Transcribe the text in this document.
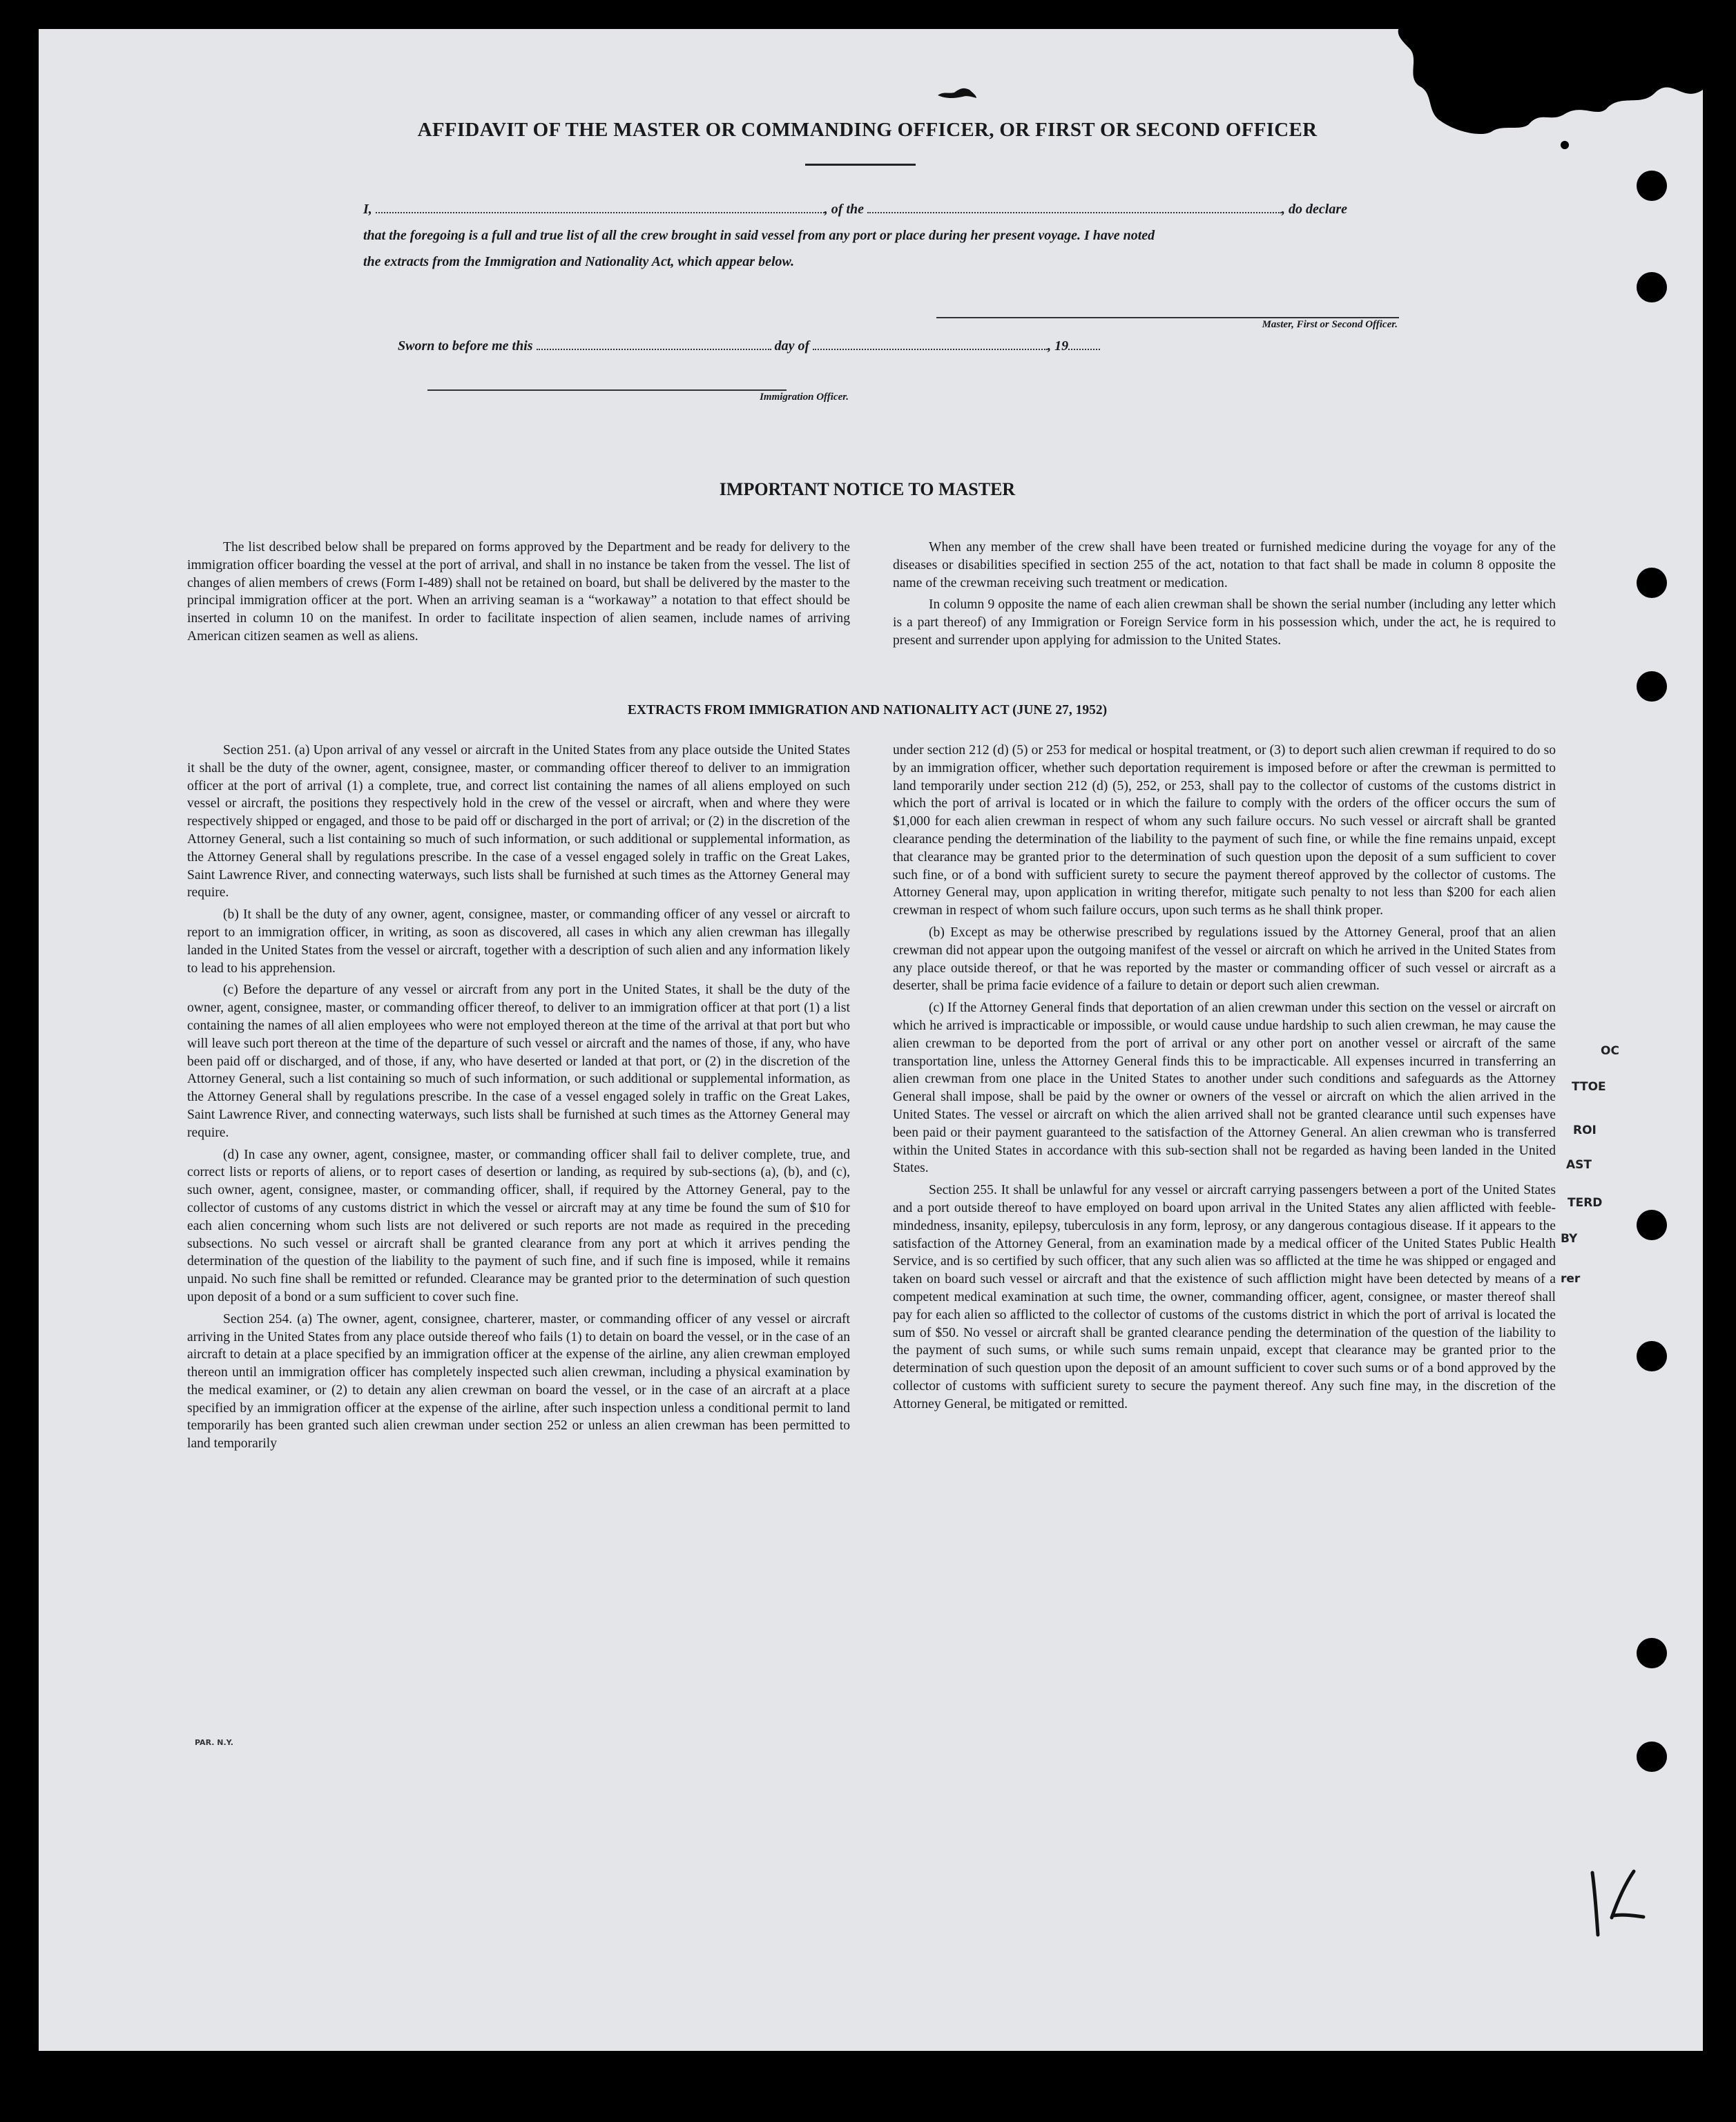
AFFIDAVIT OF THE MASTER OR COMMANDING OFFICER, OR FIRST OR SECOND OFFICER
I,	, of the	, do declare
that the foregoing is a full and true list of all the crew brought in said vessel from any port or place during her present voyage. I have noted
the extracts from the Immigration and Nationality Act, which appear below.
Master, First or Second Officer.
Sworn to before me this	day of	, 19
Immigration Officer.
IMPORTANT NOTICE TO MASTER

The list described below shall be prepared on forms approved by the Department and be ready for delivery to the immigration officer boarding the vessel at the port of arrival, and shall in no instance be taken from the vessel. The list of changes of alien members of crews (Form I-489) shall not be retained on board, but shall be delivered by the master to the principal immigration officer at the port. When an arriving seaman is a “workaway” a notation to that effect should be inserted in column 10 on the manifest. In order to facilitate inspection of alien seamen, include names of arriving American citizen seamen as well as aliens.

When any member of the crew shall have been treated or furnished medicine during the voyage for any of the diseases or disabilities specified in section 255 of the act, notation to that fact shall be made in column 8 opposite the name of the crewman receiving such treatment or medication.

In column 9 opposite the name of each alien crewman shall be shown the serial number (including any letter which is a part thereof) of any Immigration or Foreign Service form in his possession which, under the act, he is required to present and surrender upon applying for admission to the United States.

EXTRACTS FROM IMMIGRATION AND NATIONALITY ACT (JUNE 27, 1952)

Section 251. (a) Upon arrival of any vessel or aircraft in the United States from any place outside the United States it shall be the duty of the owner, agent, consignee, master, or commanding officer thereof to deliver to an immigration officer at the port of arrival (1) a complete, true, and correct list containing the names of all aliens employed on such vessel or aircraft, the positions they respectively hold in the crew of the vessel or aircraft, when and where they were respectively shipped or engaged, and those to be paid off or discharged in the port of arrival; or (2) in the discretion of the Attorney General, such a list containing so much of such information, or such additional or supplemental information, as the Attorney General shall by regulations prescribe. In the case of a vessel engaged solely in traffic on the Great Lakes, Saint Lawrence River, and connecting waterways, such lists shall be furnished at such times as the Attorney General may require.

(b) It shall be the duty of any owner, agent, consignee, master, or commanding officer of any vessel or aircraft to report to an immigration officer, in writing, as soon as discovered, all cases in which any alien crewman has illegally landed in the United States from the vessel or aircraft, together with a description of such alien and any information likely to lead to his apprehension.

(c) Before the departure of any vessel or aircraft from any port in the United States, it shall be the duty of the owner, agent, consignee, master, or commanding officer thereof, to deliver to an immigration officer at that port (1) a list containing the names of all alien employees who were not employed thereon at the time of the arrival at that port but who will leave such port thereon at the time of the departure of such vessel or aircraft and the names of those, if any, who have been paid off or discharged, and of those, if any, who have deserted or landed at that port, or (2) in the discretion of the Attorney General, such a list containing so much of such information, or such additional or supplemental information, as the Attorney General shall by regulations prescribe. In the case of a vessel engaged solely in traffic on the Great Lakes, Saint Lawrence River, and connecting waterways, such lists shall be furnished at such times as the Attorney General may require.

(d) In case any owner, agent, consignee, master, or commanding officer shall fail to deliver complete, true, and correct lists or reports of aliens, or to report cases of desertion or landing, as required by sub-sections (a), (b), and (c), such owner, agent, consignee, master, or commanding officer, shall, if required by the Attorney General, pay to the collector of customs of any customs district in which the vessel or aircraft may at any time be found the sum of $10 for each alien concerning whom such lists are not delivered or such reports are not made as required in the preceding subsections. No such vessel or aircraft shall be granted clearance from any port at which it arrives pending the determination of the question of the liability to the payment of such fine, and if such fine is imposed, while it remains unpaid. No such fine shall be remitted or refunded. Clearance may be granted prior to the determination of such question upon deposit of a bond or a sum sufficient to cover such fine.

Section 254. (a) The owner, agent, consignee, charterer, master, or commanding officer of any vessel or aircraft arriving in the United States from any place outside thereof who fails (1) to detain on board the vessel, or in the case of an aircraft to detain at a place specified by an immigration officer at the expense of the airline, any alien crewman employed thereon until an immigration officer has completely inspected such alien crewman, including a physical examination by the medical examiner, or (2) to detain any alien crewman on board the vessel, or in the case of an aircraft at a place specified by an immigration officer at the expense of the airline, after such inspection unless a conditional permit to land temporarily has been granted such alien crewman under section 252 or unless an alien crewman has been permitted to land temporarily

under section 212 (d) (5) or 253 for medical or hospital treatment, or (3) to deport such alien crewman if required to do so by an immigration officer, whether such deportation requirement is imposed before or after the crewman is permitted to land temporarily under section 212 (d) (5), 252, or 253, shall pay to the collector of customs of the customs district in which the port of arrival is located or in which the failure to comply with the orders of the officer occurs the sum of $1,000 for each alien crewman in respect of whom any such failure occurs. No such vessel or aircraft shall be granted clearance pending the determination of the liability to the payment of such fine, or while the fine remains unpaid, except that clearance may be granted prior to the determination of such question upon the deposit of a sum sufficient to cover such fine, or of a bond with sufficient surety to secure the payment thereof approved by the collector of customs. The Attorney General may, upon application in writing therefor, mitigate such penalty to not less than $200 for each alien crewman in respect of whom such failure occurs, upon such terms as he shall think proper.

(b) Except as may be otherwise prescribed by regulations issued by the Attorney General, proof that an alien crewman did not appear upon the outgoing manifest of the vessel or aircraft on which he arrived in the United States from any place outside thereof, or that he was reported by the master or commanding officer of such vessel or aircraft as a deserter, shall be prima facie evidence of a failure to detain or deport such alien crewman.

(c) If the Attorney General finds that deportation of an alien crewman under this section on the vessel or aircraft on which he arrived is impracticable or impossible, or would cause undue hardship to such alien crewman, he may cause the alien crewman to be deported from the port of arrival or any other port on another vessel or aircraft of the same transportation line, unless the Attorney General finds this to be impracticable. All expenses incurred in transferring an alien crewman from one place in the United States to another under such conditions and safeguards as the Attorney General shall impose, shall be paid by the owner or owners of the vessel or aircraft on which the alien arrived in the United States. The vessel or aircraft on which the alien arrived shall not be granted clearance until such expenses have been paid or their payment guaranteed to the satisfaction of the Attorney General. An alien crewman who is transferred within the United States in accordance with this sub-section shall not be regarded as having been landed in the United States.

Section 255. It shall be unlawful for any vessel or aircraft carrying passengers between a port of the United States and a port outside thereof to have employed on board upon arrival in the United States any alien afflicted with feeble-mindedness, insanity, epilepsy, tuberculosis in any form, leprosy, or any dangerous contagious disease. If it appears to the satisfaction of the Attorney General, from an examination made by a medical officer of the United States Public Health Service, and is so certified by such officer, that any such alien was so afflicted at the time he was shipped or engaged and taken on board such vessel or aircraft and that the existence of such affliction might have been detected by means of a competent medical examination at such time, the owner, commanding officer, agent, consignee, or master thereof shall pay for each alien so afflicted to the collector of customs of the customs district in which the port of arrival is located the sum of $50. No vessel or aircraft shall be granted clearance pending the determination of the question of the liability to the payment of such sums, or while such sums remain unpaid, except that clearance may be granted prior to the determination of such question upon the deposit of an amount sufficient to cover such sums or of a bond approved by the collector of customs with sufficient surety to secure the payment thereof. Any such fine may, in the discretion of the Attorney General, be mitigated or remitted.

PAR. N.Y.
OC
TTOE
ROI
AST
TERD
BY
rer
